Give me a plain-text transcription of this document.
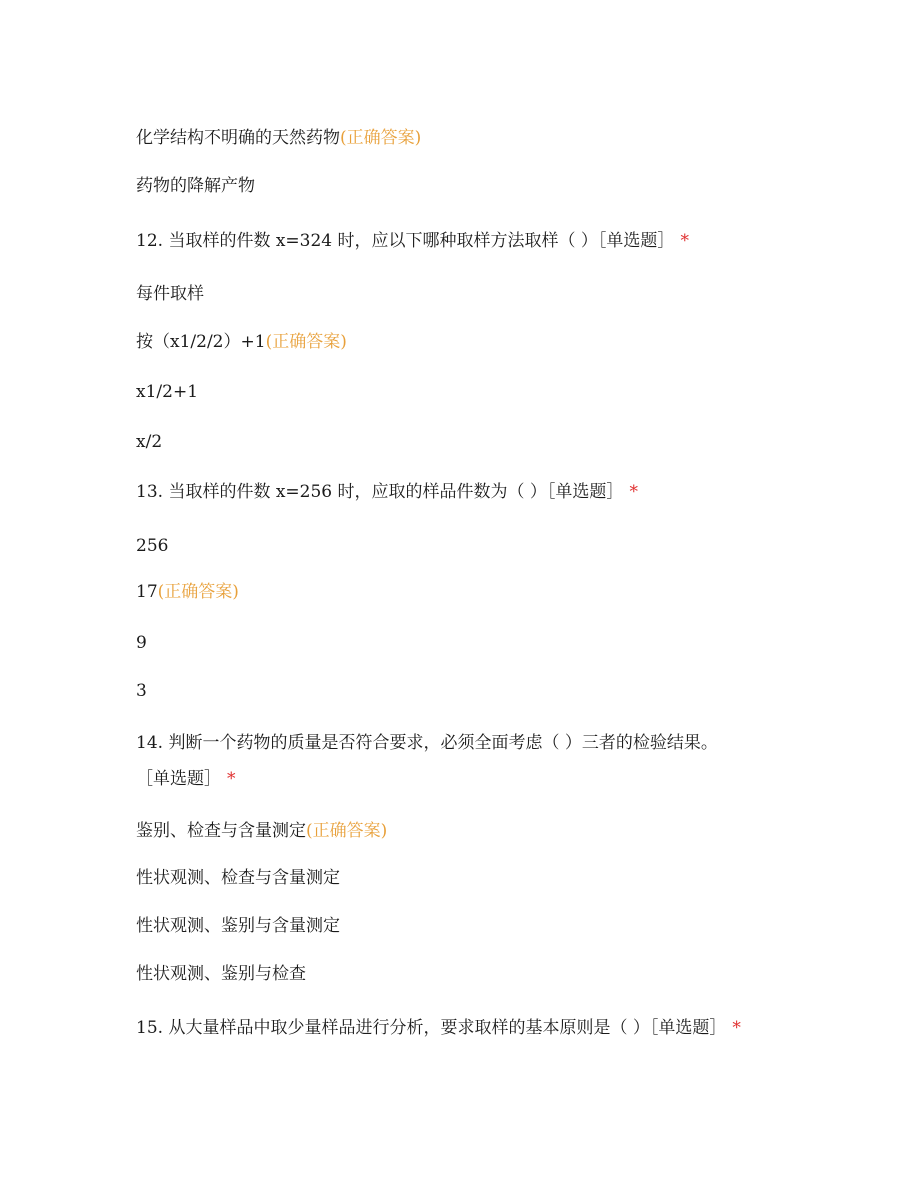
化学结构不明确的天然药物(正确答案)
药物的降解产物
12. 当取样的件数 x=324 时，应以下哪种取样方法取样（ ）［单选题］ *
每件取样
按（x1/2/2）+1(正确答案)
x1/2+1
x/2
13. 当取样的件数 x=256 时，应取的样品件数为（ ）［单选题］ *
256
17(正确答案)
9
3
14. 判断一个药物的质量是否符合要求，必须全面考虑（ ）三者的检验结果。
［单选题］ *
鉴别、检查与含量测定(正确答案)
性状观测、检查与含量测定
性状观测、鉴别与含量测定
性状观测、鉴别与检查
15. 从大量样品中取少量样品进行分析，要求取样的基本原则是（ ）［单选题］ *
